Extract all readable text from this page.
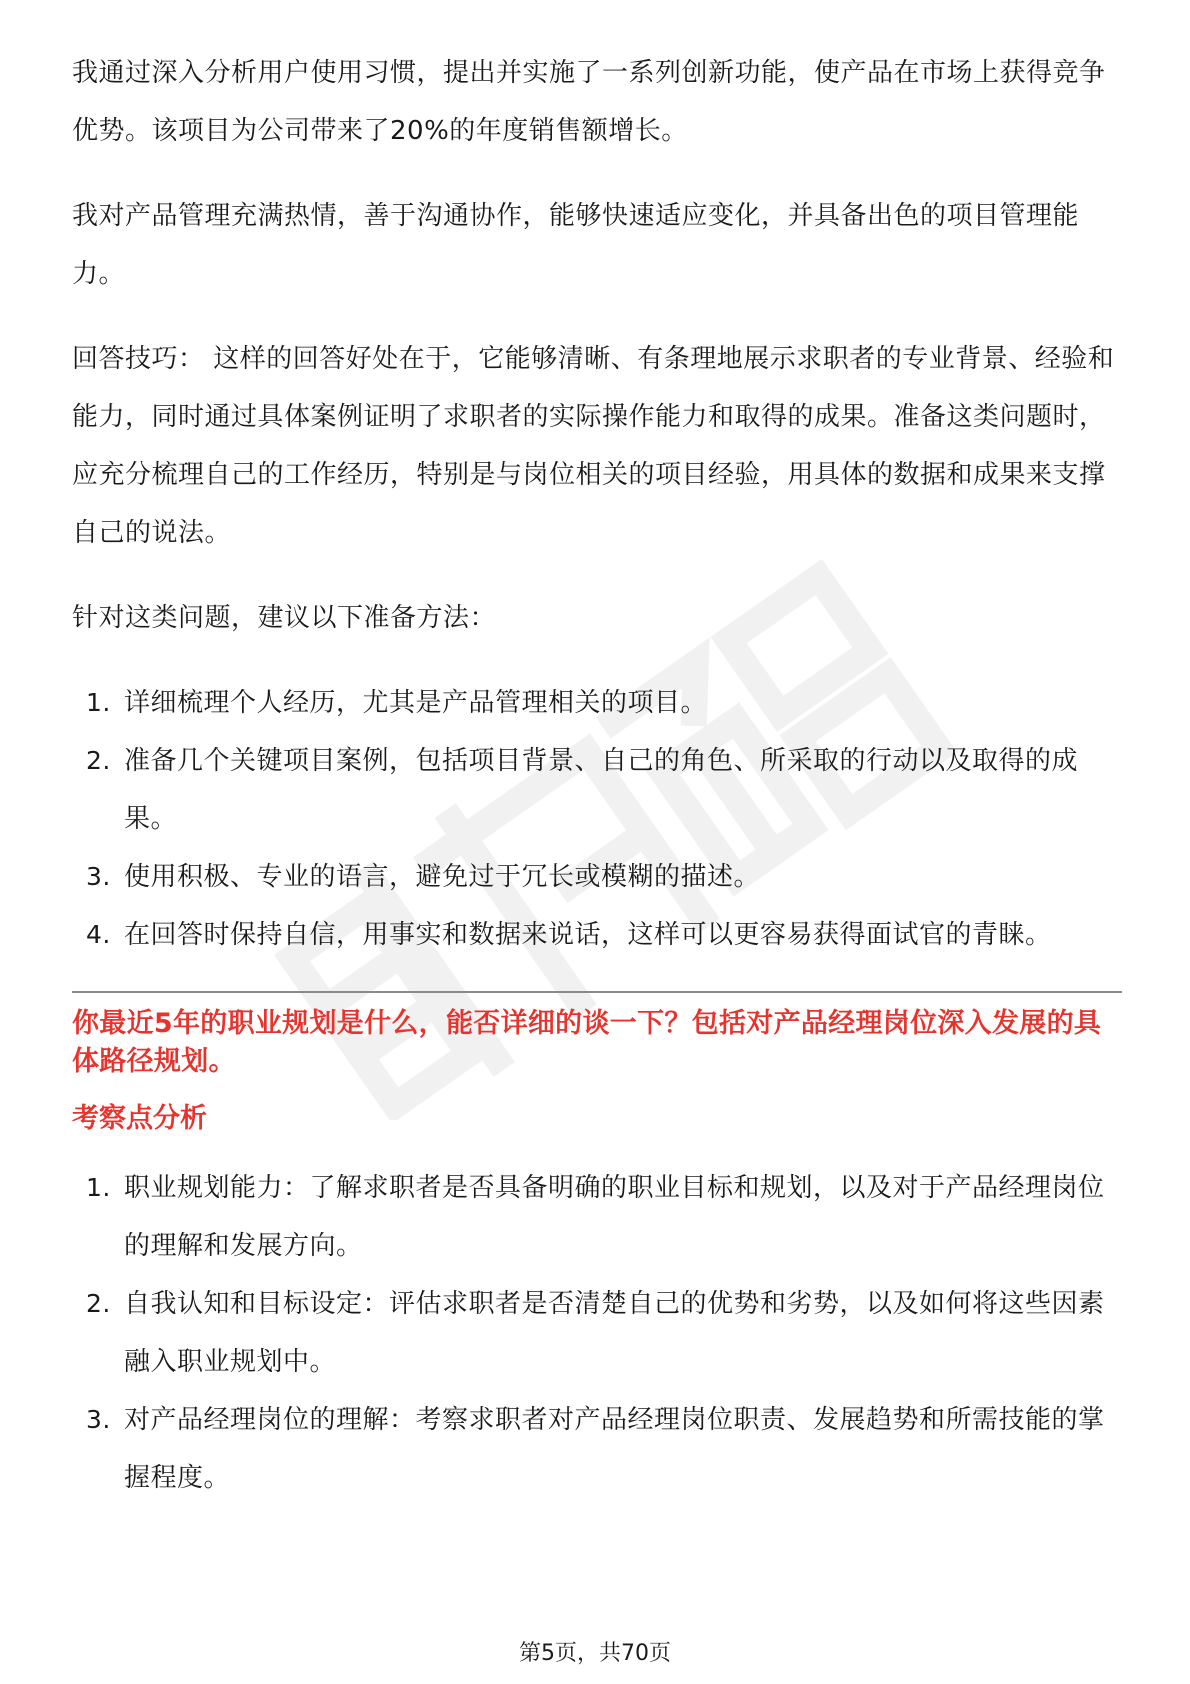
我通过深入分析用户使用习惯，提出并实施了一系列创新功能，使产品在市场上获得竞争优势。该项目为公司带来了20%的年度销售额增长。

我对产品管理充满热情，善于沟通协作，能够快速适应变化，并具备出色的项目管理能力。

回答技巧： 这样的回答好处在于，它能够清晰、有条理地展示求职者的专业背景、经验和能力，同时通过具体案例证明了求职者的实际操作能力和取得的成果。准备这类问题时，应充分梳理自己的工作经历，特别是与岗位相关的项目经验，用具体的数据和成果来支撑自己的说法。

针对这类问题，建议以下准备方法：

1. 详细梳理个人经历，尤其是产品管理相关的项目。
2. 准备几个关键项目案例，包括项目背景、自己的角色、所采取的行动以及取得的成果。
3. 使用积极、专业的语言，避免过于冗长或模糊的描述。
4. 在回答时保持自信，用事实和数据来说话，这样可以更容易获得面试官的青睐。

你最近5年的职业规划是什么，能否详细的谈一下？包括对产品经理岗位深入发展的具体路径规划。

考察点分析

1. 职业规划能力：了解求职者是否具备明确的职业目标和规划，以及对于产品经理岗位的理解和发展方向。
2. 自我认知和目标设定：评估求职者是否清楚自己的优势和劣势，以及如何将这些因素融入职业规划中。
3. 对产品经理岗位的理解：考察求职者对产品经理岗位职责、发展趋势和所需技能的掌握程度。
第5页，共70页
